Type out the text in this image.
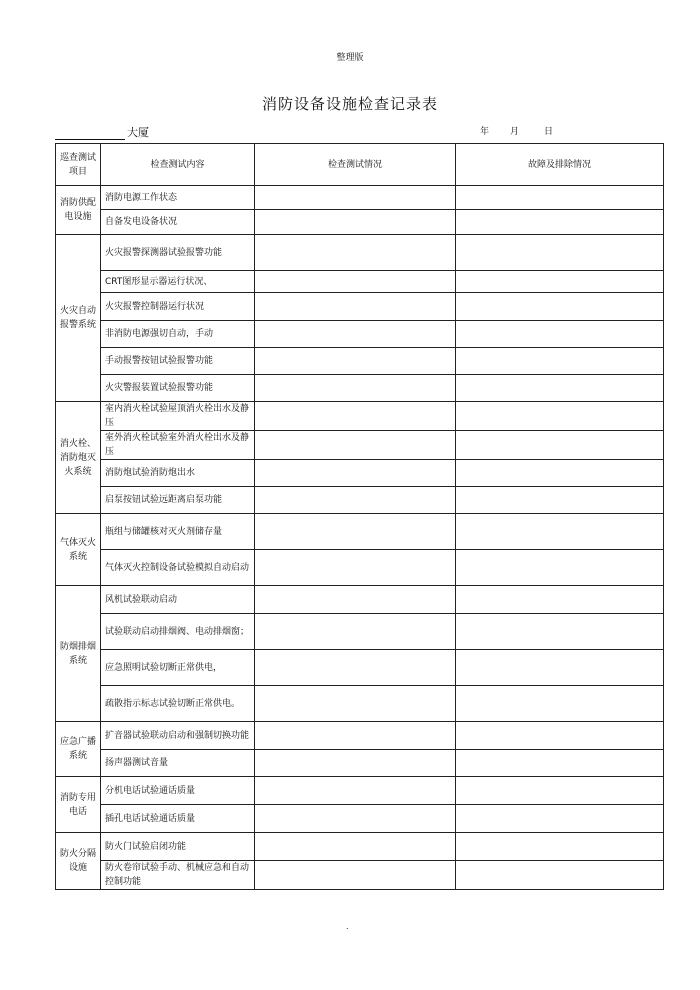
整理版
消防设备设施检查记录表
大厦	年 月	日
巡查测试项目	检查测试内容	检查测试情况	故障及排除情况
消防供配电设施	消防电源工作状态		
	自备发电设备状况		
火灾自动报警系统	火灾报警探测器试验报警功能		
	CRT图形显示器运行状况、		
	火灾报警控制器运行状况		
	非消防电源强切自动，手动		
	手动报警按钮试验报警功能		
	火灾警报装置试验报警功能		
消火栓、消防炮灭火系统	室内消火栓试验屋顶消火栓出水及静压		
	室外消火栓试验室外消火栓出水及静压		
	消防炮试验消防炮出水		
	启泵按钮试验远距离启泵功能		
气体灭火系统	瓶组与储罐核对灭火剂储存量		
	气体灭火控制设备试验模拟自动启动		
防烟排烟系统	风机试验联动启动		
	试验联动启动排烟阀、电动排烟窗；		
	应急照明试验切断正常供电，		
	疏散指示标志试验切断正常供电。		
应急广播系统	扩音器试验联动启动和强制切换功能		
	扬声器测试音量		
消防专用电话	分机电话试验通话质量		
	插孔电话试验通话质量		
防火分隔设施	防火门试验启闭功能		
	防火卷帘试验手动、机械应急和自动控制功能		
.
